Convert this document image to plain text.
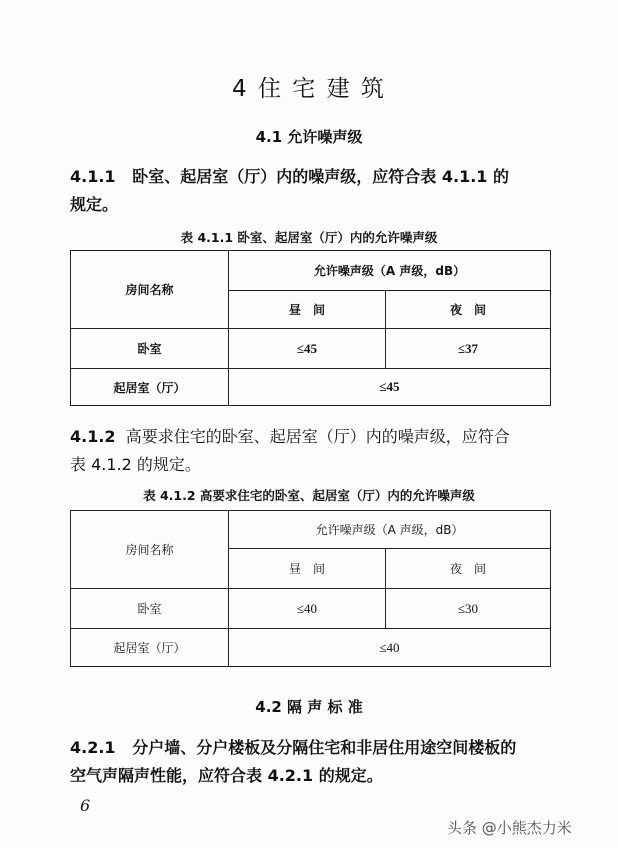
4 住 宅 建 筑
4.1 允许噪声级
4.1.1 卧室、起居室（厅）内的噪声级，应符合表 4.1.1 的
规定。
表 4.1.1 卧室、起居室（厅）内的允许噪声级
房间名称	允许噪声级（A 声级，dB）	
	昼　间	夜　间
卧室	≤45	≤37
起居室（厅）	≤45	
4.1.2 高要求住宅的卧室、起居室（厅）内的噪声级，应符合
表 4.1.2 的规定。
表 4.1.2 高要求住宅的卧室、起居室（厅）内的允许噪声级
房间名称	允许噪声级（A 声级，dB）	
	昼　间	夜　间
卧室	≤40	≤30
起居室（厅）	≤40	
4.2 隔 声 标 准
4.2.1 分户墙、分户楼板及分隔住宅和非居住用途空间楼板的
空气声隔声性能，应符合表 4.2.1 的规定。
6
头条 @小熊杰力米
